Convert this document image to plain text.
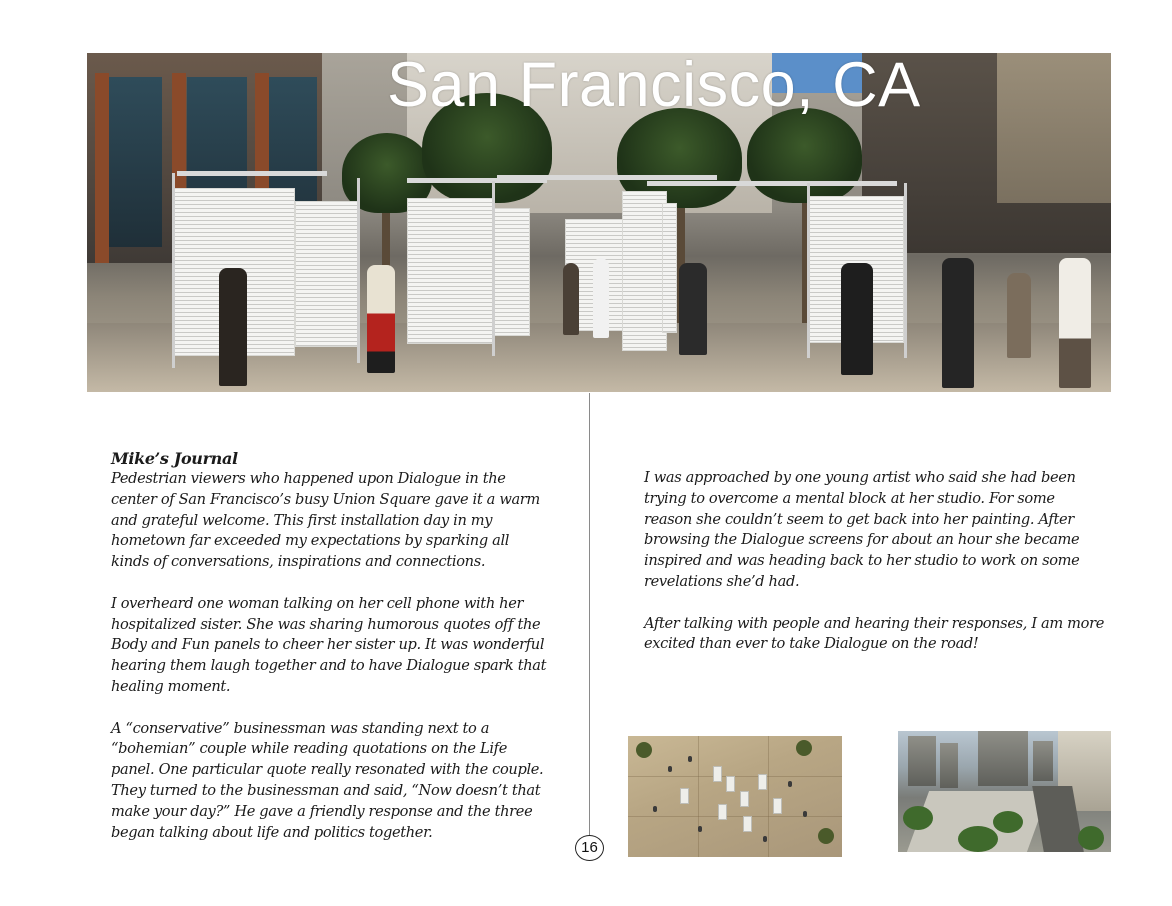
San Francisco, CA
Mike’s Journal

Pedestrian viewers who happened upon Dialogue in the center of San Francisco’s busy Union Square gave it a warm and grateful welcome. This first installation day in my hometown far exceeded my expectations by sparking all kinds of conversations, inspirations and connections.

I overheard one woman talking on her cell phone with her hospitalized sister. She was sharing humorous quotes off the Body and Fun panels to cheer her sister up. It was wonderful hearing them laugh together and to have Dialogue spark that healing moment.

A “conservative” businessman was standing next to a “bohemian” couple while reading quotations on the Life panel. One particular quote really resonated with the couple. They turned to the businessman and said, “Now doesn’t that make your day?” He gave a friendly response and the three began talking about life and politics together.

I was approached by one young artist who said she had been trying to overcome a mental block at her studio. For some reason she couldn’t seem to get back into her painting. After browsing the Dialogue screens for about an hour she became inspired and was heading back to her studio to work on some revelations she’d had.

After talking with people and hearing their responses, I am more excited than ever to take Dialogue on the road!

16
